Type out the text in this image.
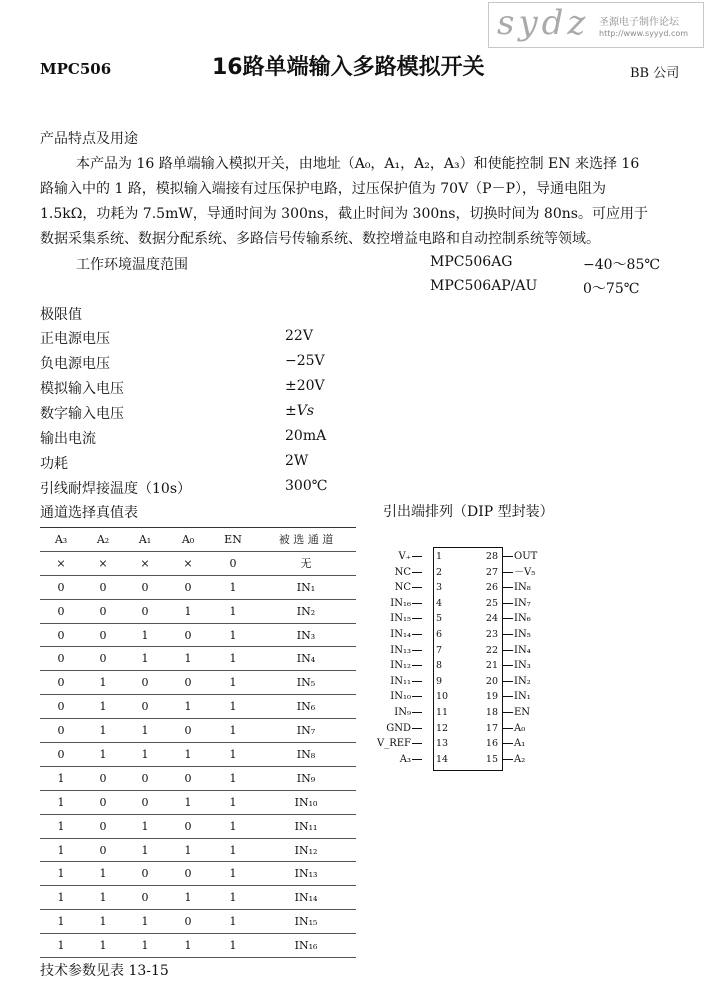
sydz 圣源电子制作论坛
http://www.syyyd.com
MPC506	16路单端输入多路模拟开关	BB 公司
产品特点及用途
本产品为 16 路单端输入模拟开关，由地址（A₀，A₁，A₂，A₃）和使能控制 EN 来选择 16
路输入中的 1 路，模拟输入端接有过压保护电路，过压保护值为 70V（P－P），导通电阻为
1.5kΩ，功耗为 7.5mW，导通时间为 300ns，截止时间为 300ns，切换时间为 80ns。可应用于
数据采集系统、数据分配系统、多路信号传输系统、数控增益电路和自动控制系统等领域。
工作环境温度范围	MPC506AG	−40～85℃
MPC506AP/AU	0～75℃
极限值
正电源电压	22V
负电源电压	−25V
模拟输入电压	±20V
数字输入电压	±Vs
输出电流	20mA
功耗	2W
引线耐焊接温度（10s）	300℃
通道选择真值表
A₃	A₂	A₁	A₀	EN	被 选 通 道
×	×	×	×	0	无
0	0	0	0	1	IN₁
0	0	0	1	1	IN₂
0	0	1	0	1	IN₃
0	0	1	1	1	IN₄
0	1	0	0	1	IN₅
0	1	0	1	1	IN₆
0	1	1	0	1	IN₇
0	1	1	1	1	IN₈
1	0	0	0	1	IN₉
1	0	0	1	1	IN₁₀
1	0	1	0	1	IN₁₁
1	0	1	1	1	IN₁₂
1	1	0	0	1	IN₁₃
1	1	0	1	1	IN₁₄
1	1	1	0	1	IN₁₅
1	1	1	1	1	IN₁₆
引出端排列（DIP 型封装）
V₊	1
NC	2
NC	3
IN₁₆	4
IN₁₅	5
IN₁₄	6
IN₁₃	7
IN₁₂	8
IN₁₁	9
IN₁₀	10
IN₉	11
GND	12
V_REF	13
A₃	14
28	OUT
27	－V₅
26	IN₈
25	IN₇
24	IN₆
23	IN₅
22	IN₄
21	IN₃
20	IN₂
19	IN₁
18	EN
17	A₀
16	A₁
15	A₂
技术参数见表 13-15
